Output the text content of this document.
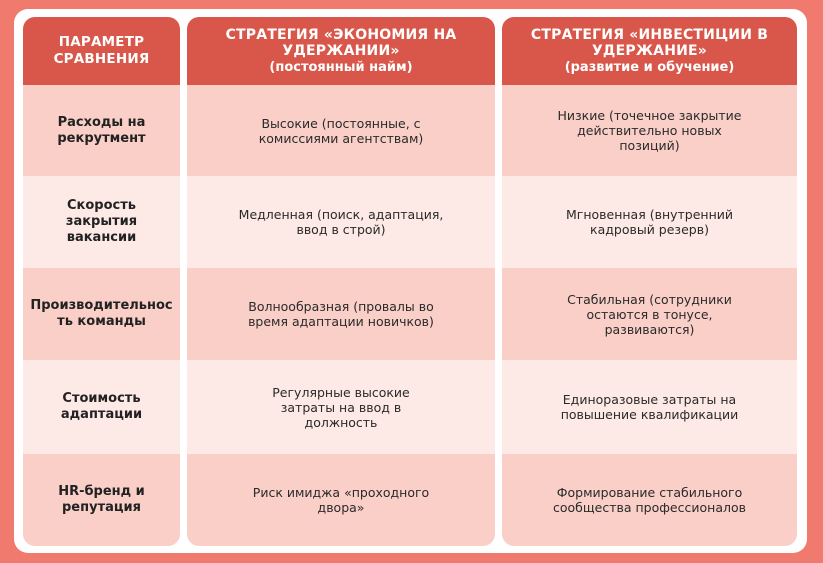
ПАРАМЕТР СРАВНЕНИЯ
Расходы на рекрутмент
Скорость закрытия вакансии
Производительность команды
Стоимость адаптации
HR-бренд и репутация
СТРАТЕГИЯ «ЭКОНОМИЯ НА УДЕРЖАНИИ»
(постоянный найм)
Высокие (постоянные, с комиссиями агентствам)
Медленная (поиск, адаптация, ввод в строй)
Волнообразная (провалы во время адаптации новичков)
Регулярные высокие затраты на ввод в должность
Риск имиджа «проходного двора»
СТРАТЕГИЯ «ИНВЕСТИЦИИ В УДЕРЖАНИЕ»
(развитие и обучение)
Низкие (точечное закрытие действительно новых позиций)
Мгновенная (внутренний кадровый резерв)
Стабильная (сотрудники остаются в тонусе, развиваются)
Единоразовые затраты на повышение квалификации
Формирование стабильного сообщества профессионалов
